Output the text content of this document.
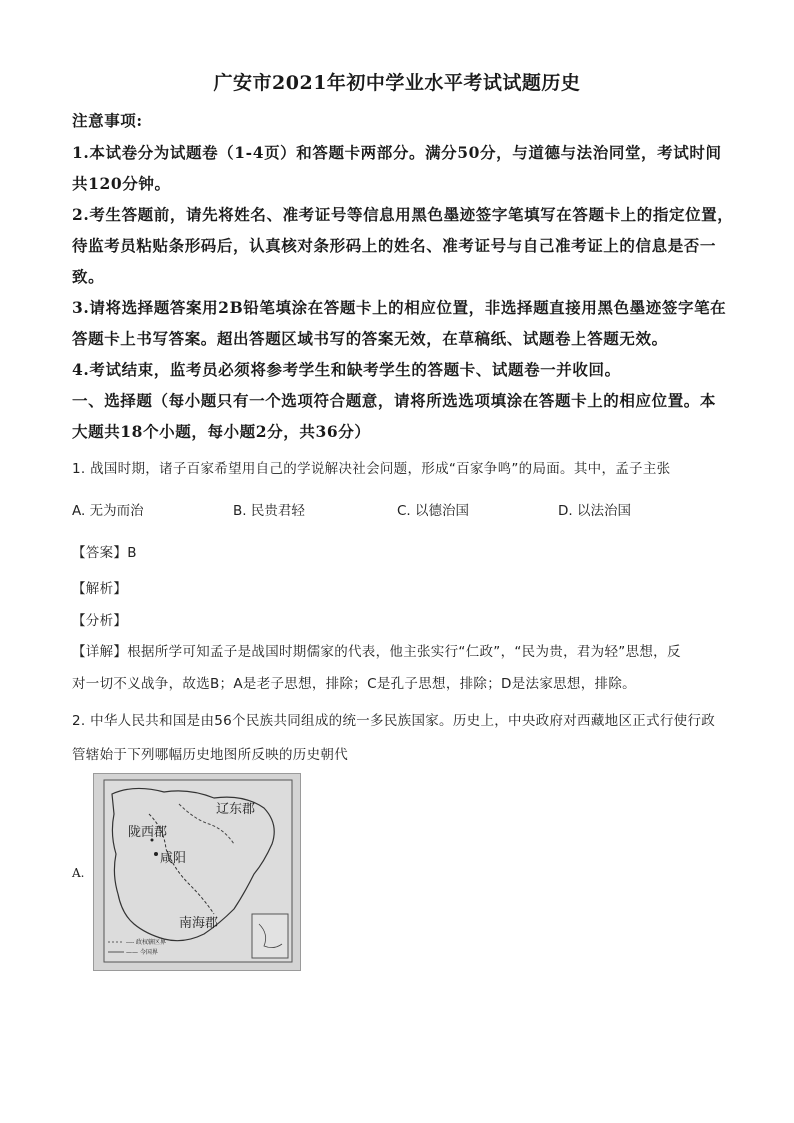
广安市2021年初中学业水平考试试题历史
注意事项:
1.本试卷分为试题卷（1-4页）和答题卡两部分。满分50分，与道德与法治同堂，考试时间
共120分钟。
2.考生答题前，请先将姓名、准考证号等信息用黑色墨迹签字笔填写在答题卡上的指定位置，
待监考员粘贴条形码后，认真核对条形码上的姓名、准考证号与自己准考证上的信息是否一
致。
3.请将选择题答案用2B铅笔填涂在答题卡上的相应位置，非选择题直接用黑色墨迹签字笔在
答题卡上书写答案。超出答题区域书写的答案无效，在草稿纸、试题卷上答题无效。
4.考试结束，监考员必须将参考学生和缺考学生的答题卡、试题卷一并收回。
一、选择题（每小题只有一个选项符合题意，请将所选选项填涂在答题卡上的相应位置。本
大题共18个小题，每小题2分，共36分）
1. 战国时期，诸子百家希望用自己的学说解决社会问题，形成“百家争鸣”的局面。其中，孟子主张
A. 无为而治	B. 民贵君轻	C. 以德治国	D. 以法治国
【答案】B
【解析】
【分析】
【详解】根据所学可知孟子是战国时期儒家的代表，他主张实行“仁政”，“民为贵，君为轻”思想，反
对一切不义战争，故选B；A是老子思想，排除；C是孔子思想，排除；D是法家思想，排除。
2. 中华人民共和国是由56个民族共同组成的统一多民族国家。历史上，中央政府对西藏地区正式行使行政
管辖始于下列哪幅历史地图所反映的历史朝代
A.
辽东郡
陇西郡
咸阳
南海郡
---- 政权辖区界
—— 今国界
